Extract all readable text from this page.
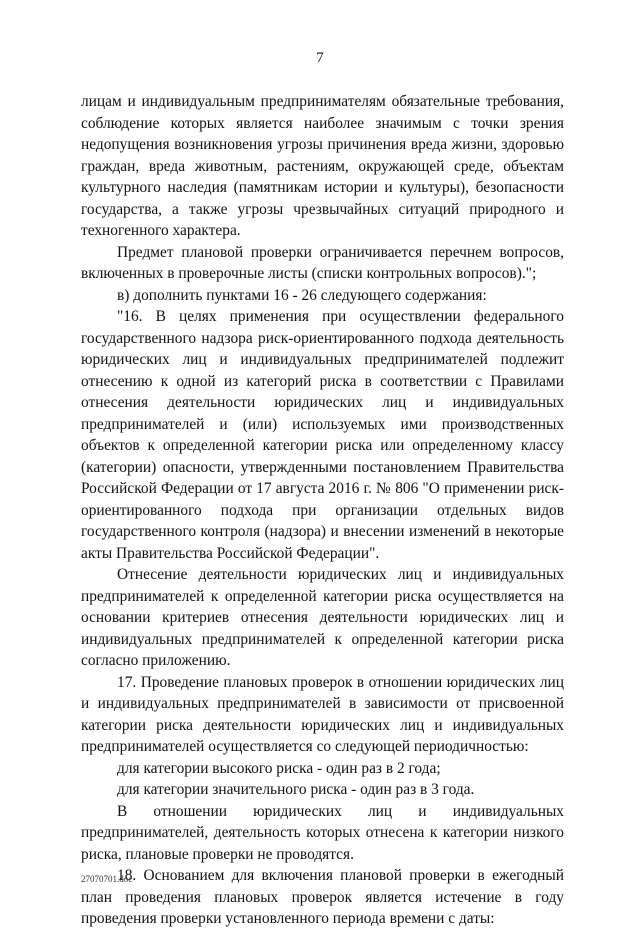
7

лицам и индивидуальным предпринимателям обязательные требования, соблюдение которых является наиболее значимым с точки зрения недопущения возникновения угрозы причинения вреда жизни, здоровью граждан, вреда животным, растениям, окружающей среде, объектам культурного наследия (памятникам истории и культуры), безопасности государства, а также угрозы чрезвычайных ситуаций природного и техногенного характера.

Предмет плановой проверки ограничивается перечнем вопросов, включенных в проверочные листы (списки контрольных вопросов).";

в) дополнить пунктами 16 - 26 следующего содержания:

"16. В целях применения при осуществлении федерального государственного надзора риск-ориентированного подхода деятельность юридических лиц и индивидуальных предпринимателей подлежит отнесению к одной из категорий риска в соответствии с Правилами отнесения деятельности юридических лиц и индивидуальных предпринимателей и (или) используемых ими производственных объектов к определенной категории риска или определенному классу (категории) опасности, утвержденными постановлением Правительства Российской Федерации от 17 августа 2016 г. № 806 "О применении риск-ориентированного подхода при организации отдельных видов государственного контроля (надзора) и внесении изменений в некоторые акты Правительства Российской Федерации".

Отнесение деятельности юридических лиц и индивидуальных предпринимателей к определенной категории риска осуществляется на основании критериев отнесения деятельности юридических лиц и индивидуальных предпринимателей к определенной категории риска согласно приложению.

17. Проведение плановых проверок в отношении юридических лиц и индивидуальных предпринимателей в зависимости от присвоенной категории риска деятельности юридических лиц и индивидуальных предпринимателей осуществляется со следующей периодичностью:

для категории высокого риска - один раз в 2 года;

для категории значительного риска - один раз в 3 года.

В отношении юридических лиц и индивидуальных предпринимателей, деятельность которых отнесена к категории низкого риска, плановые проверки не проводятся.

18. Основанием для включения плановой проверки в ежегодный план проведения плановых проверок является истечение в году проведения проверки установленного периода времени с даты:

27070701.doc
